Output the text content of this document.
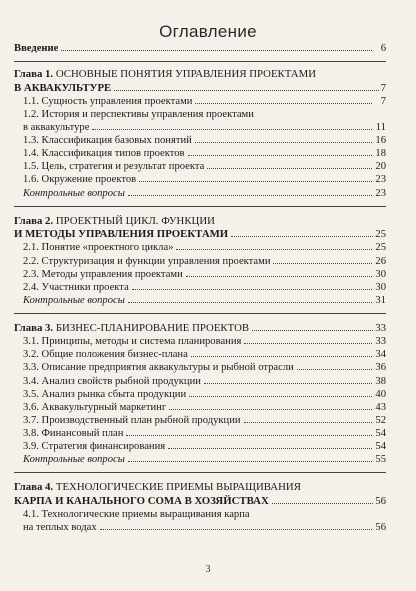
Оглавление
Введение	6
Глава 1. ОСНОВНЫЕ ПОНЯТИЯ УПРАВЛЕНИЯ ПРОЕКТАМИ
В АКВАКУЛЬТУРЕ	7
1.1. Сущность управления проектами	7
1.2. История и перспективы управления проектами
в аквакультуре	11
1.3. Классификация базовых понятий	16
1.4. Классификация типов проектов	18
1.5. Цель, стратегия и результат проекта	20
1.6. Окружение проектов	23
Контрольные вопросы	23
Глава 2. ПРОЕКТНЫЙ ЦИКЛ. ФУНКЦИИ
И МЕТОДЫ УПРАВЛЕНИЯ ПРОЕКТАМИ	25
2.1. Понятие «проектного цикла»	25
2.2. Структуризация и функции управления проектами	26
2.3. Методы управления проектами	30
2.4. Участники проекта	30
Контрольные вопросы	31
Глава 3.
БИЗНЕС-ПЛАНИРОВАНИЕ ПРОЕКТОВ	33
3.1. Принципы, методы и система планирования	33
3.2. Общие положения бизнес-плана	34
3.3. Описание предприятия аквакультуры и рыбной отрасли	36
3.4. Анализ свойств рыбной продукции	38
3.5. Анализ рынка сбыта продукции	40
3.6. Аквакультурный маркетинг	43
3.7. Производственный план рыбной продукции	52
3.8. Финансовый план	54
3.9. Стратегия финансирования	54
Контрольные вопросы	55
Глава 4. ТЕХНОЛОГИЧЕСКИЕ ПРИЕМЫ ВЫРАЩИВАНИЯ
КАРПА И КАНАЛЬНОГО СОМА В ХОЗЯЙСТВАХ	56
4.1. Технологические приемы выращивания карпа
на теплых водах	56
3
